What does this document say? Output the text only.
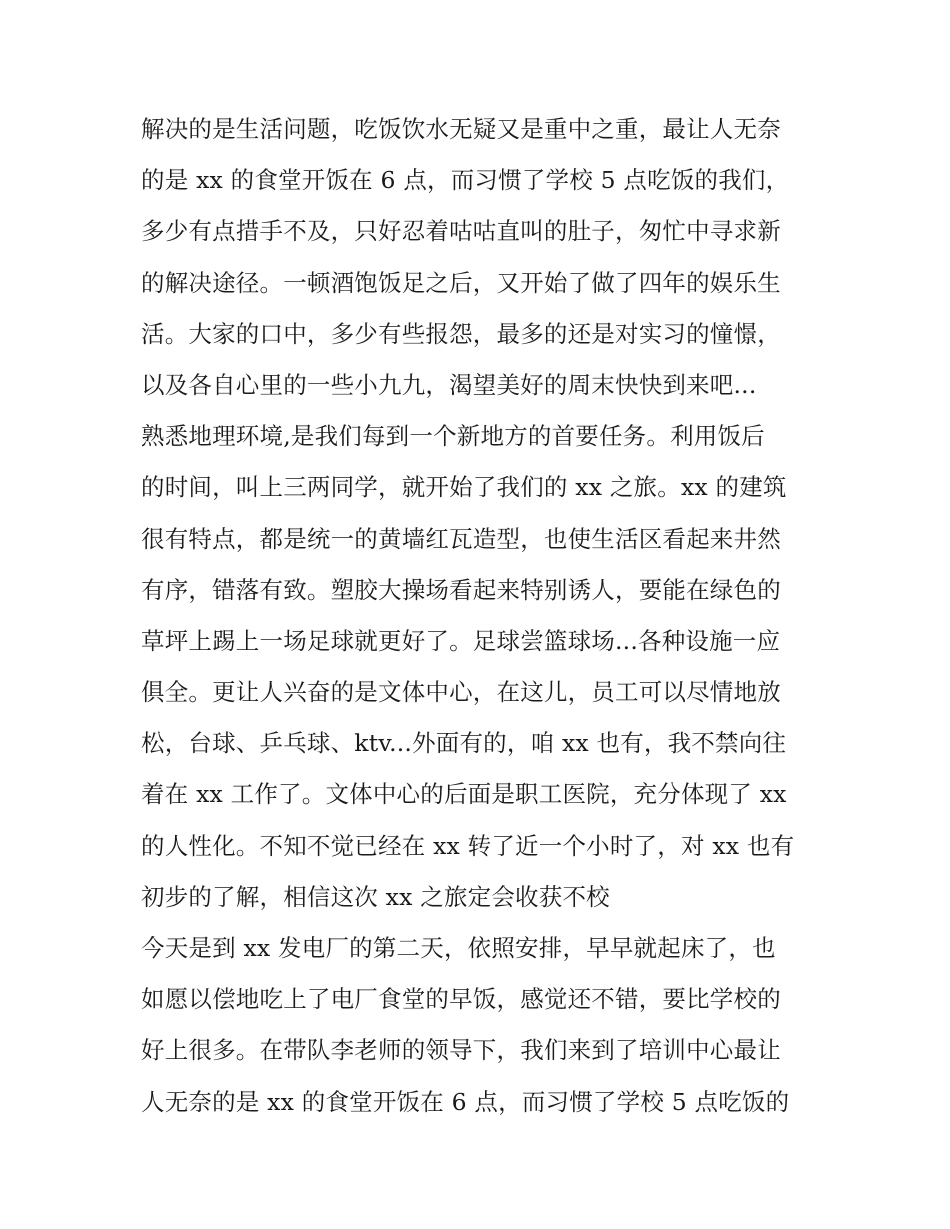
解决的是生活问题，吃饭饮水无疑又是重中之重，最让人无奈
的是 xx 的食堂开饭在 6 点，而习惯了学校 5 点吃饭的我们，
多少有点措手不及，只好忍着咕咕直叫的肚子，匆忙中寻求新
的解决途径。一顿酒饱饭足之后，又开始了做了四年的娱乐生
活。大家的口中，多少有些报怨，最多的还是对实习的憧憬，
以及各自心里的一些小九九，渴望美好的周末快快到来吧...
熟悉地理环境,是我们每到一个新地方的首要任务。利用饭后
的时间，叫上三两同学，就开始了我们的 xx 之旅。xx 的建筑
很有特点，都是统一的黄墙红瓦造型，也使生活区看起来井然
有序，错落有致。塑胶大操场看起来特别诱人，要能在绿色的
草坪上踢上一场足球就更好了。足球尝篮球场...各种设施一应
俱全。更让人兴奋的是文体中心，在这儿，员工可以尽情地放
松，台球、乒乓球、ktv...外面有的，咱 xx 也有，我不禁向往
着在 xx 工作了。文体中心的后面是职工医院，充分体现了 xx
的人性化。不知不觉已经在 xx 转了近一个小时了，对 xx 也有
初步的了解，相信这次 xx 之旅定会收获不校
今天是到 xx 发电厂的第二天，依照安排，早早就起床了，也
如愿以偿地吃上了电厂食堂的早饭，感觉还不错，要比学校的
好上很多。在带队李老师的领导下，我们来到了培训中心最让
人无奈的是 xx 的食堂开饭在 6 点，而习惯了学校 5 点吃饭的
